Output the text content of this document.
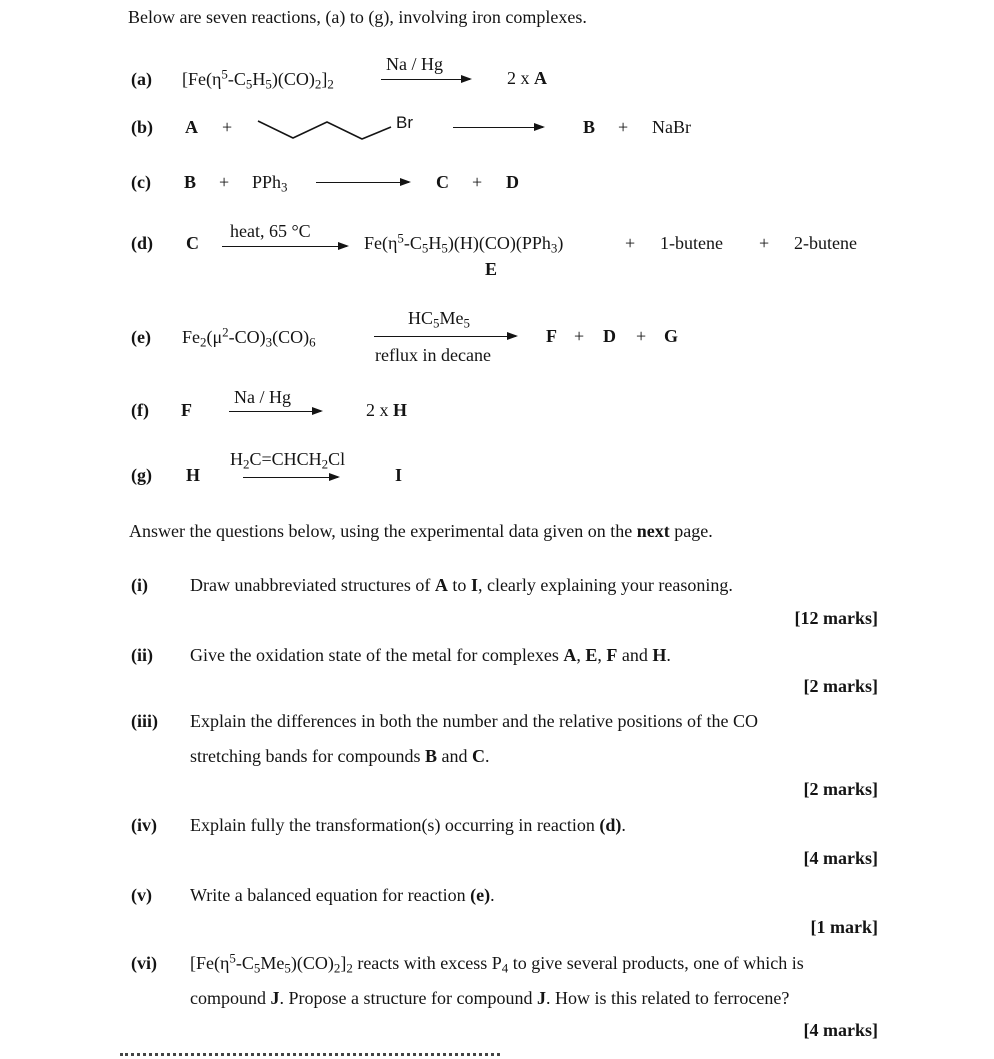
Below are seven reactions, (a) to (g), involving iron complexes.
(a) $[Fe(\eta^5-C_5H_5)(CO)_2]_2$
Na / Hg
2 x A
(b) A +	Br	B + NaBr
(c) B + PPh$_3$	C + D
(d) C
heat, 65 °C
$Fe(\eta^5-C_5H_5)(H)(CO)(PPh_3)$
E
+ 1-butene + 2-butene
(e) $Fe_2(\mu^2-CO)_3(CO)_6$
$HC_5Me_5$
reflux in decane
F + D + G
(f) F
Na / Hg
2 x H
(g) H
$H_2C=CHCH_2Cl$
I
Answer the questions below, using the experimental data given on the next page.
(i) Draw unabbreviated structures of A to I, clearly explaining your reasoning.
[12 marks]
(ii) Give the oxidation state of the metal for complexes A, E, F and H.
[2 marks]
(iii) Explain the differences in both the number and the relative positions of the CO
stretching bands for compounds B and C.
[2 marks]
(iv) Explain fully the transformation(s) occurring in reaction (d).
[4 marks]
(v) Write a balanced equation for reaction (e).
[1 mark]
(vi) $[Fe(\eta^5-C_5Me_5)(CO)_2]_2$ reacts with excess $P_4$ to give several products, one of which is
compound J. Propose a structure for compound J. How is this related to ferrocene?
[4 marks]
